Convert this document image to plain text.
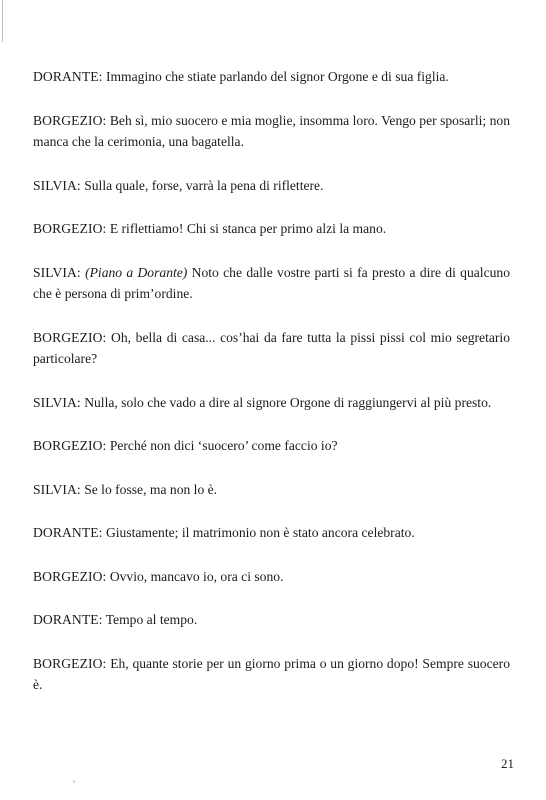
DORANTE: Immagino che stiate parlando del signor Orgone e di sua figlia.

BORGEZIO: Beh sì, mio suocero e mia moglie, insomma loro. Vengo per sposarli; non manca che la cerimonia, una bagatella.

SILVIA: Sulla quale, forse, varrà la pena di riflettere.

BORGEZIO: E riflettiamo! Chi si stanca per primo alzi la mano.

SILVIA: (Piano a Dorante) Noto che dalle vostre parti si fa presto a dire di qualcuno che è persona di prim’ordine.

BORGEZIO: Oh, bella di casa... cos’hai da fare tutta la pissi pissi col mio segretario particolare?

SILVIA: Nulla, solo che vado a dire al signore Orgone di raggiungervi al più presto.

BORGEZIO: Perché non dici ‘suocero’ come faccio io?

SILVIA: Se lo fosse, ma non lo è.

DORANTE: Giustamente; il matrimonio non è stato ancora celebrato.

BORGEZIO: Ovvio, mancavo io, ora ci sono.

DORANTE: Tempo al tempo.

BORGEZIO: Eh, quante storie per un giorno prima o un giorno dopo! Sempre suocero è.

21
